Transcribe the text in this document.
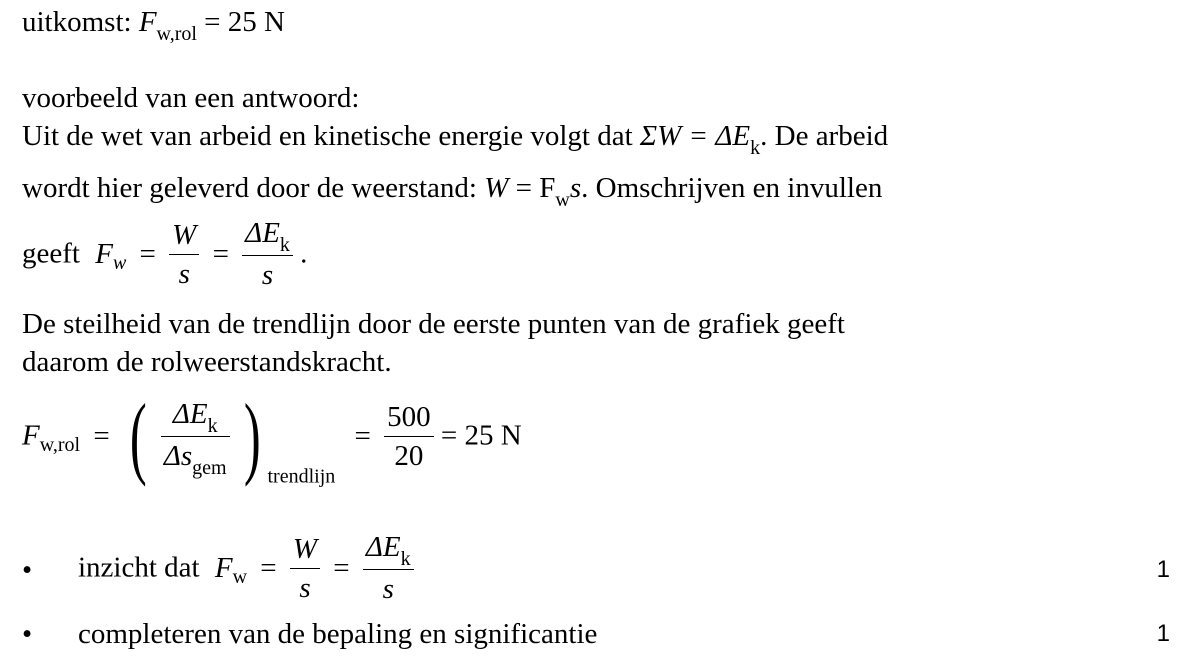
uitkomst: $F_{w,rol} = 25$ N
voorbeeld van een antwoord:
Uit de wet van arbeid en kinetische energie volgt dat $\Sigma W = \Delta E_k$. De arbeid
wordt hier geleverd door de weerstand: $W = F_ws$. Omschrijven en invullen
geeft $F_w = \frac{W}{s} = \frac{\Delta E_k}{s}$ .
De steilheid van de trendlijn door de eerste punten van de grafiek geeft
daarom de rolweerstandskracht.
$F_{w,rol}$ = ( $\frac{\Delta E_k}{\Delta s_{gem}}$ ) $_{trendlijn} = \frac{500}{20} = 25$ N
• inzicht dat $F_w = \frac{W}{s} = \frac{\Delta E_k}{s}$	1
• completeren van de bepaling en significantie	1
